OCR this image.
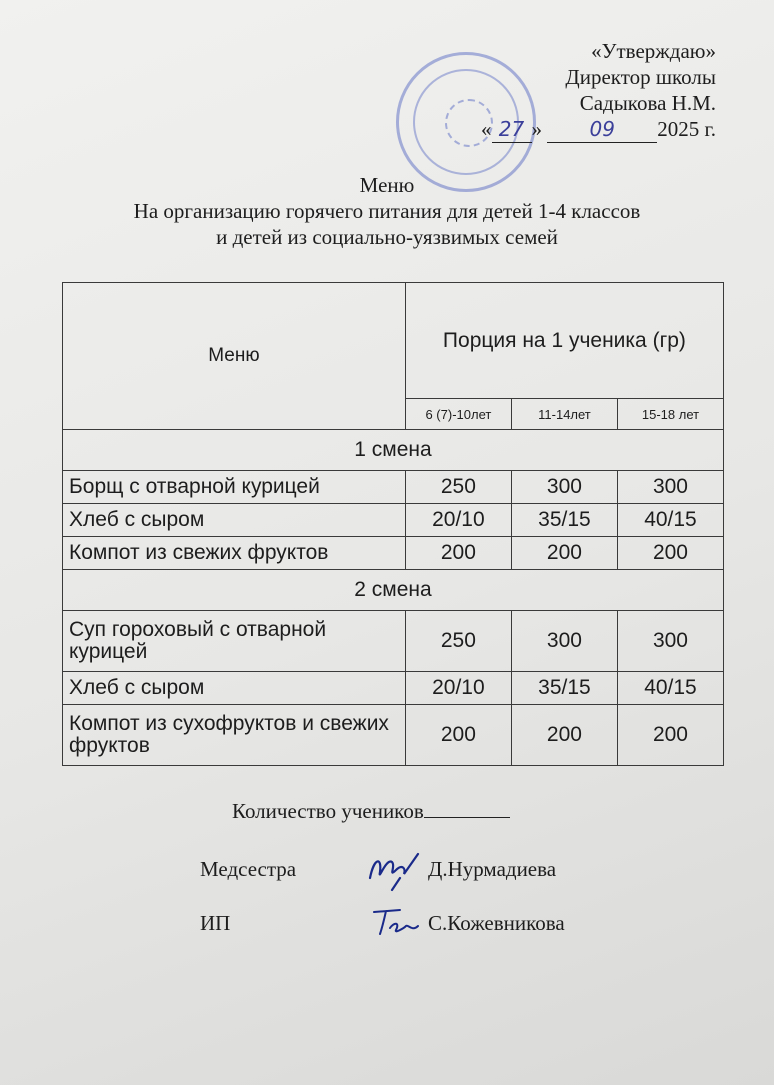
«Утверждаю»
Директор школы
Садыкова Н.М.
« 27 » 09 2025 г.
Меню
На организацию горячего питания для детей 1-4 классов
и детей из социально-уязвимых семей
Меню	Порция на 1 ученика (гр)		
	6 (7)-10лет	11-14лет	15-18 лет
1 смена			
Борщ с отварной курицей	250	300	300
Хлеб с сыром	20/10	35/15	40/15
Компот из свежих фруктов	200	200	200
2 смена			
Суп гороховый с отварной курицей	250	300	300
Хлеб с сыром	20/10	35/15	40/15
Компот из сухофруктов и свежих фруктов	200	200	200
Количество учеников
Медсестра	Д.Нурмадиева
ИП	С.Кожевникова
